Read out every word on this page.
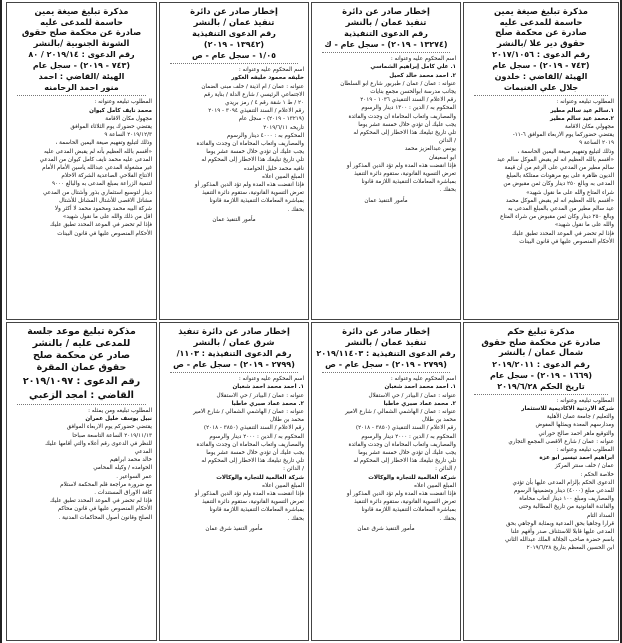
مذكرة تبليغ صيغة يمين
حاسمة للمدعى عليه
صادرة عن محكمة صلح
حقوق دير علا /بالنشر
رقم الدعوى : ٢٠١٧/١٠٥٦
(٧٤٣ - ٢٠١٩) - سجل عام
الهيئة /القاضي : خلدون
جلال علي الغنيمات

المطلوب تبليغه وعنوانه :

١.سالم عيد سالم مطير

٢.محمد عيد سالم مطير

مجهولي مكان الاقامة

يقتضي حضوركما يوم الاربعاء الموافق ٦-١١-

٢٠١٩ الساعة ٩

وذلك لتبليغ وتفهيم صيغة اليمين الحاسمة ،

«أقسم بالله العظيم انه لم يقبض الموكل سالم عيد

سالم مطير من المدعي على الرغم من أن قيمة

الديون ظاهرة على بيع مرهونات ممتلكة بالمبلغ

المدعى به وبالغ ٢٥٠ دينار وكان ثمن مقبوض من

شراء المتاع والله على ما نقول شهيد»

«أقسم بالله العظيم انه لم يقبض الموكل محمد

عيد سالم مطير من المدعي بالمبلغ المدعى به

وبالغ ٢٥٠ دينار وكان ثمن مقبوض من شراء المتاع

والله على ما نقول شهيد»

فإذا لم تحضر في الموعد المحدد تطبق عليك

الأحكام المنصوص عليها في قانون البينات

إخطار صادر عن دائرة
تنفيذ عمان / بالنشر
رقم الدعوى التنفيذية
(١٣٢٧٤ - ٢٠١٩) - سجل عام - ك

اسم المحكوم عليه وعنوانه :

١. علي كامل إبراهيم الشماسي

٢. احمد محمد خالد كحيل

عنوانه : عمان / عمان / طبربور شارع ابو السلطان

يجانب مدرسة ابوالحسن مجمع بنايات

رقم الاعلام / السند التنفيذي ١٠٣٦ - ٢٠١٩

المحكوم به / الدين : ١٣٠٠ دينار والرسوم

والمصاريف واتعاب المحاماة ان وجدت والفائدة

يجب عليك أن تؤدي خلال خمسة عشر يوما

تلي تاريخ تبليغك هذا الاخطار إلى المحكوم له

/ الدائن

يونس عبدالعزيز محمد

ابو اسعيفان

فإذا انقضت هذه المدة ولم تؤد الدين المذكور أو

تعرض التسوية القانونية، ستقوم دائرة التنفيذ

بمباشرة المعاملات التنفيذية اللازمة قانونا

بحقك .

مأمور التنفيذ عمان
إخطار صادر عن دائرة
تنفيذ عمان / بالنشر
رقم الدعوى التنفيذية
(١٣٩٤٢ - ٢٠١٩)
١/٠٥ - سجل عام - ص

اسم المحكوم عليه وعنوانه :

خليفه محمود خليفه العكور

عنوانه : عمان / ام اذينة / خلف مبنى الضمان

الاجتماعي الرئيسي / شارع الدلة / بناية رقم

٢٠ / ط ١ شقة رقم ٤ / رمز بريدي

رقم الاعلام / السند التنفيذي ٣٠٩٤ - ٢٠١٩

(١٣٢١٩ - ٢٠١٩) - سجل عام

تاريخه ٢٠١٩/٦/١١

المحكوم به : ٤٠٠٠ دينار والرسوم

والمصاريف واتعاب المحاماة ان وجدت والفائدة

يجب عليك أن تؤدي خلال خمسة عشر يوما

تلي تاريخ تبليغك هذا الاخطار إلى المحكوم له

نافيه محمد خليل الحوامده

المبلغ المبين اعلاه

فإذا انقضت هذه المدة ولم تؤد الدين المذكور أو

تعرض التسوية القانونية، ستقوم دائرة التنفيذ

بمباشرة المعاملات التنفيذية اللازمة قانونا

بحقك .

مأمور التنفيذ عمان
مذكرة تبليغ صيغة يمين
حاسمة للمدعى عليه
صادرة عن محكمة صلح حقوق
الشونة الجنوبية /بالنشر
رقم الدعوى : ٢٠١٩/١٤ / ٨٠
(٧٤٣ - ٢٠١٩) - سجل عام
الهيئة /القاضي : احمد
منور احمد الرحامنه

المطلوب تبليغه وعنوانه :

محمد نايف كامل كيوان

مجهول مكان الاقامة

يقتضي حضورك يوم الثلاثاء الموافق

٢٠١٩/١٢/٣ الساعة ٩

وذلك لتبليغ وتفهيم صيغة اليمين الحاسمة ،

«أقسم بالله العظيم بأنه لم يقبض المدعى عليه

المدعى عليه محمد نايف كامل كيوان من المدعي

غير مشغولة المدعي عبدالله ياسين الأمام الأمام

الانتاج الفلاحي الصاعدية الشركة الاحلام

لتنمية الزراعة بمبلغ المدعى به والبالغ ٩٠٠٠

دينار لتوسيع استثماري بذور وأشتال من المدعي

مشاتل الاقصى للأشتال المشاتل للأشتال

شركة البيه محمد ومحمود محمد لا أكثر ولا

اقل من ذلك والله على ما نقول شهيد»

فإذا لم تحضر في الموعد المحدد تطبق عليك

الأحكام المنصوص عليها في قانون البينات

مذكرة تبليغ حكم
صادرة عن محكمة صلح حقوق
شمال عمان / بالنشر
رقم الدعوى : ٢٠١٩/٢٠١١
(١٦٦٩ - ٢٠١٩) - سجل عام
تاريخ الحكم ٢٠١٩/٦/٢٨

المطلوب تبليغه وعنوانه :

شركة الاردنية الاكاديمية للاستثمار

والتعليم / جامعة عمان الأهلية

ومدارسهم المعدة ويمثلها المفوض

والتوقيع ماهر احمد صالح حوراني

عنوانه : عمان / شارع الاقصى المجمع التجاري

المطلوب تبليغه وعنوانه :

ابراهيم احمد تيسير ابو عزة

عمان / خلف سنتر المركز

خلاصة الحكم :

الدعوى الحكم بإلزام المدعى عليها بأن تؤدي

للمدعي مبلغ (٤٠٠٠) دينار وتضمينها الرسوم

والمصاريف ومبلغ ١٠٠ دينار أتعاب محاماة

والفائدة القانونية من تاريخ المطالبة وحتى

السداد التام

قرارا وجاهيا بحق المدعية وبمثابة الوجاهي بحق

المدعى عليها قابلا للاستئناف صدر وأفهم علنا

باسم حضرة صاحب الجلالة الملك عبدالله الثاني

ابن الحسين المعظم بتاريخ ٢٠١٩/٦/٢٨

إخطار صادر عن دائرة
تنفيذ عمان / بالنشر
رقم الدعوى التنفيذية : ٢٠١٩/١١٤٠٣
(٢٧٩٩ - ٢٠١٩) - سجل عام - ص

اسم المحكوم عليه وعنوانه :

١. احمد محمد احمد شعبان

عنوانه : عمان / البيادر / حي الاستقلال

٢. محمد عماد صبري خاطبا

عنوانه : عمان / الهاشمي الشمالي / شارع الامير

محمد بن طلال

رقم الاعلام / السند التنفيذي (٣٨٥٠ - ٢٠١٨)

المحكوم به / الدين : ٢٠٠٠ دينار والرسوم

والمصاريف واتعاب المحاماة ان وجدت والفائدة

يجب عليك أن تؤدي خلال خمسة عشر يوما

تلي تاريخ تبليغك هذا الاخطار إلى المحكوم له

/ الدائن :

شركة العالمية للتجارة والوكالات

المبلغ المبين اعلاه

فإذا انقضت هذه المدة ولم تؤد الدين المذكور أو

تعرض التسوية القانونية، ستقوم دائرة التنفيذ

بمباشرة المعاملات التنفيذية اللازمة قانونا

بحقك .

مأمور التنفيذ شرق عمان
إخطار صادر عن دائرة تنفيذ
شرق عمان / بالنشر
رقم الدعوى التنفيذية : ١١٠٣/
(٢٧٩٩ - ٢٠١٩) - سجل عام - ص

اسم المحكوم عليه وعنوانه :

١. احمد محمد احمد شعبان

عنوانه : عمان / البيادر / حي الاستقلال

٢. محمد عماد صبري خاطبا

عنوانه : عمان / الهاشمي الشمالي / شارع الامير

محمد بن طلال

رقم الاعلام / السند التنفيذي (٣٨٥٠ - ٢٠١٨)

المحكوم به / الدين : ٢٠٠٠ دينار والرسوم

والمصاريف واتعاب المحاماة ان وجدت والفائدة

يجب عليك أن تؤدي خلال خمسة عشر يوما

تلي تاريخ تبليغك هذا الاخطار إلى المحكوم له

/ الدائن :

شركة العالمية للتجارة والوكالات

المبلغ المبين اعلاه

فإذا انقضت هذه المدة ولم تؤد الدين المذكور أو

تعرض التسوية القانونية، ستقوم دائرة التنفيذ

بمباشرة المعاملات التنفيذية اللازمة قانونا

بحقك .

مأمور التنفيذ شرق عمان
مذكرة تبليغ موعد جلسة
للمدعى عليه / بالنشر
صادر عن محكمة صلح
حقوق عمان المقرة
رقم الدعوى : ٢٠١٩/١٠٩٧
القاضي : امجد الزعبي

المطلوب تبليغه ومن يمثله :

نبيل يوسف خليل عمران

يقتضي حضوركم يوم الاربعاء الموافق

٢٠١٩/١١/١٣ الساعة التاسعة صباحا

للنظر في الدعوى رقم أعلاه والتي أقامها عليك

المدعي

خالد محمد ابراهيم

الحوامده / وكيله المحامي

عمر السواعير .

مع ضرورة مراجعة قلم المحكمة لاستلام

كافة الاوراق المستندات .

فإذا لم تحضر في الموعد المحدد تطبق عليك

الأحكام المنصوص عليها في قانون محاكم

الصلح وقانون أصول المحاكمات المدنية .
